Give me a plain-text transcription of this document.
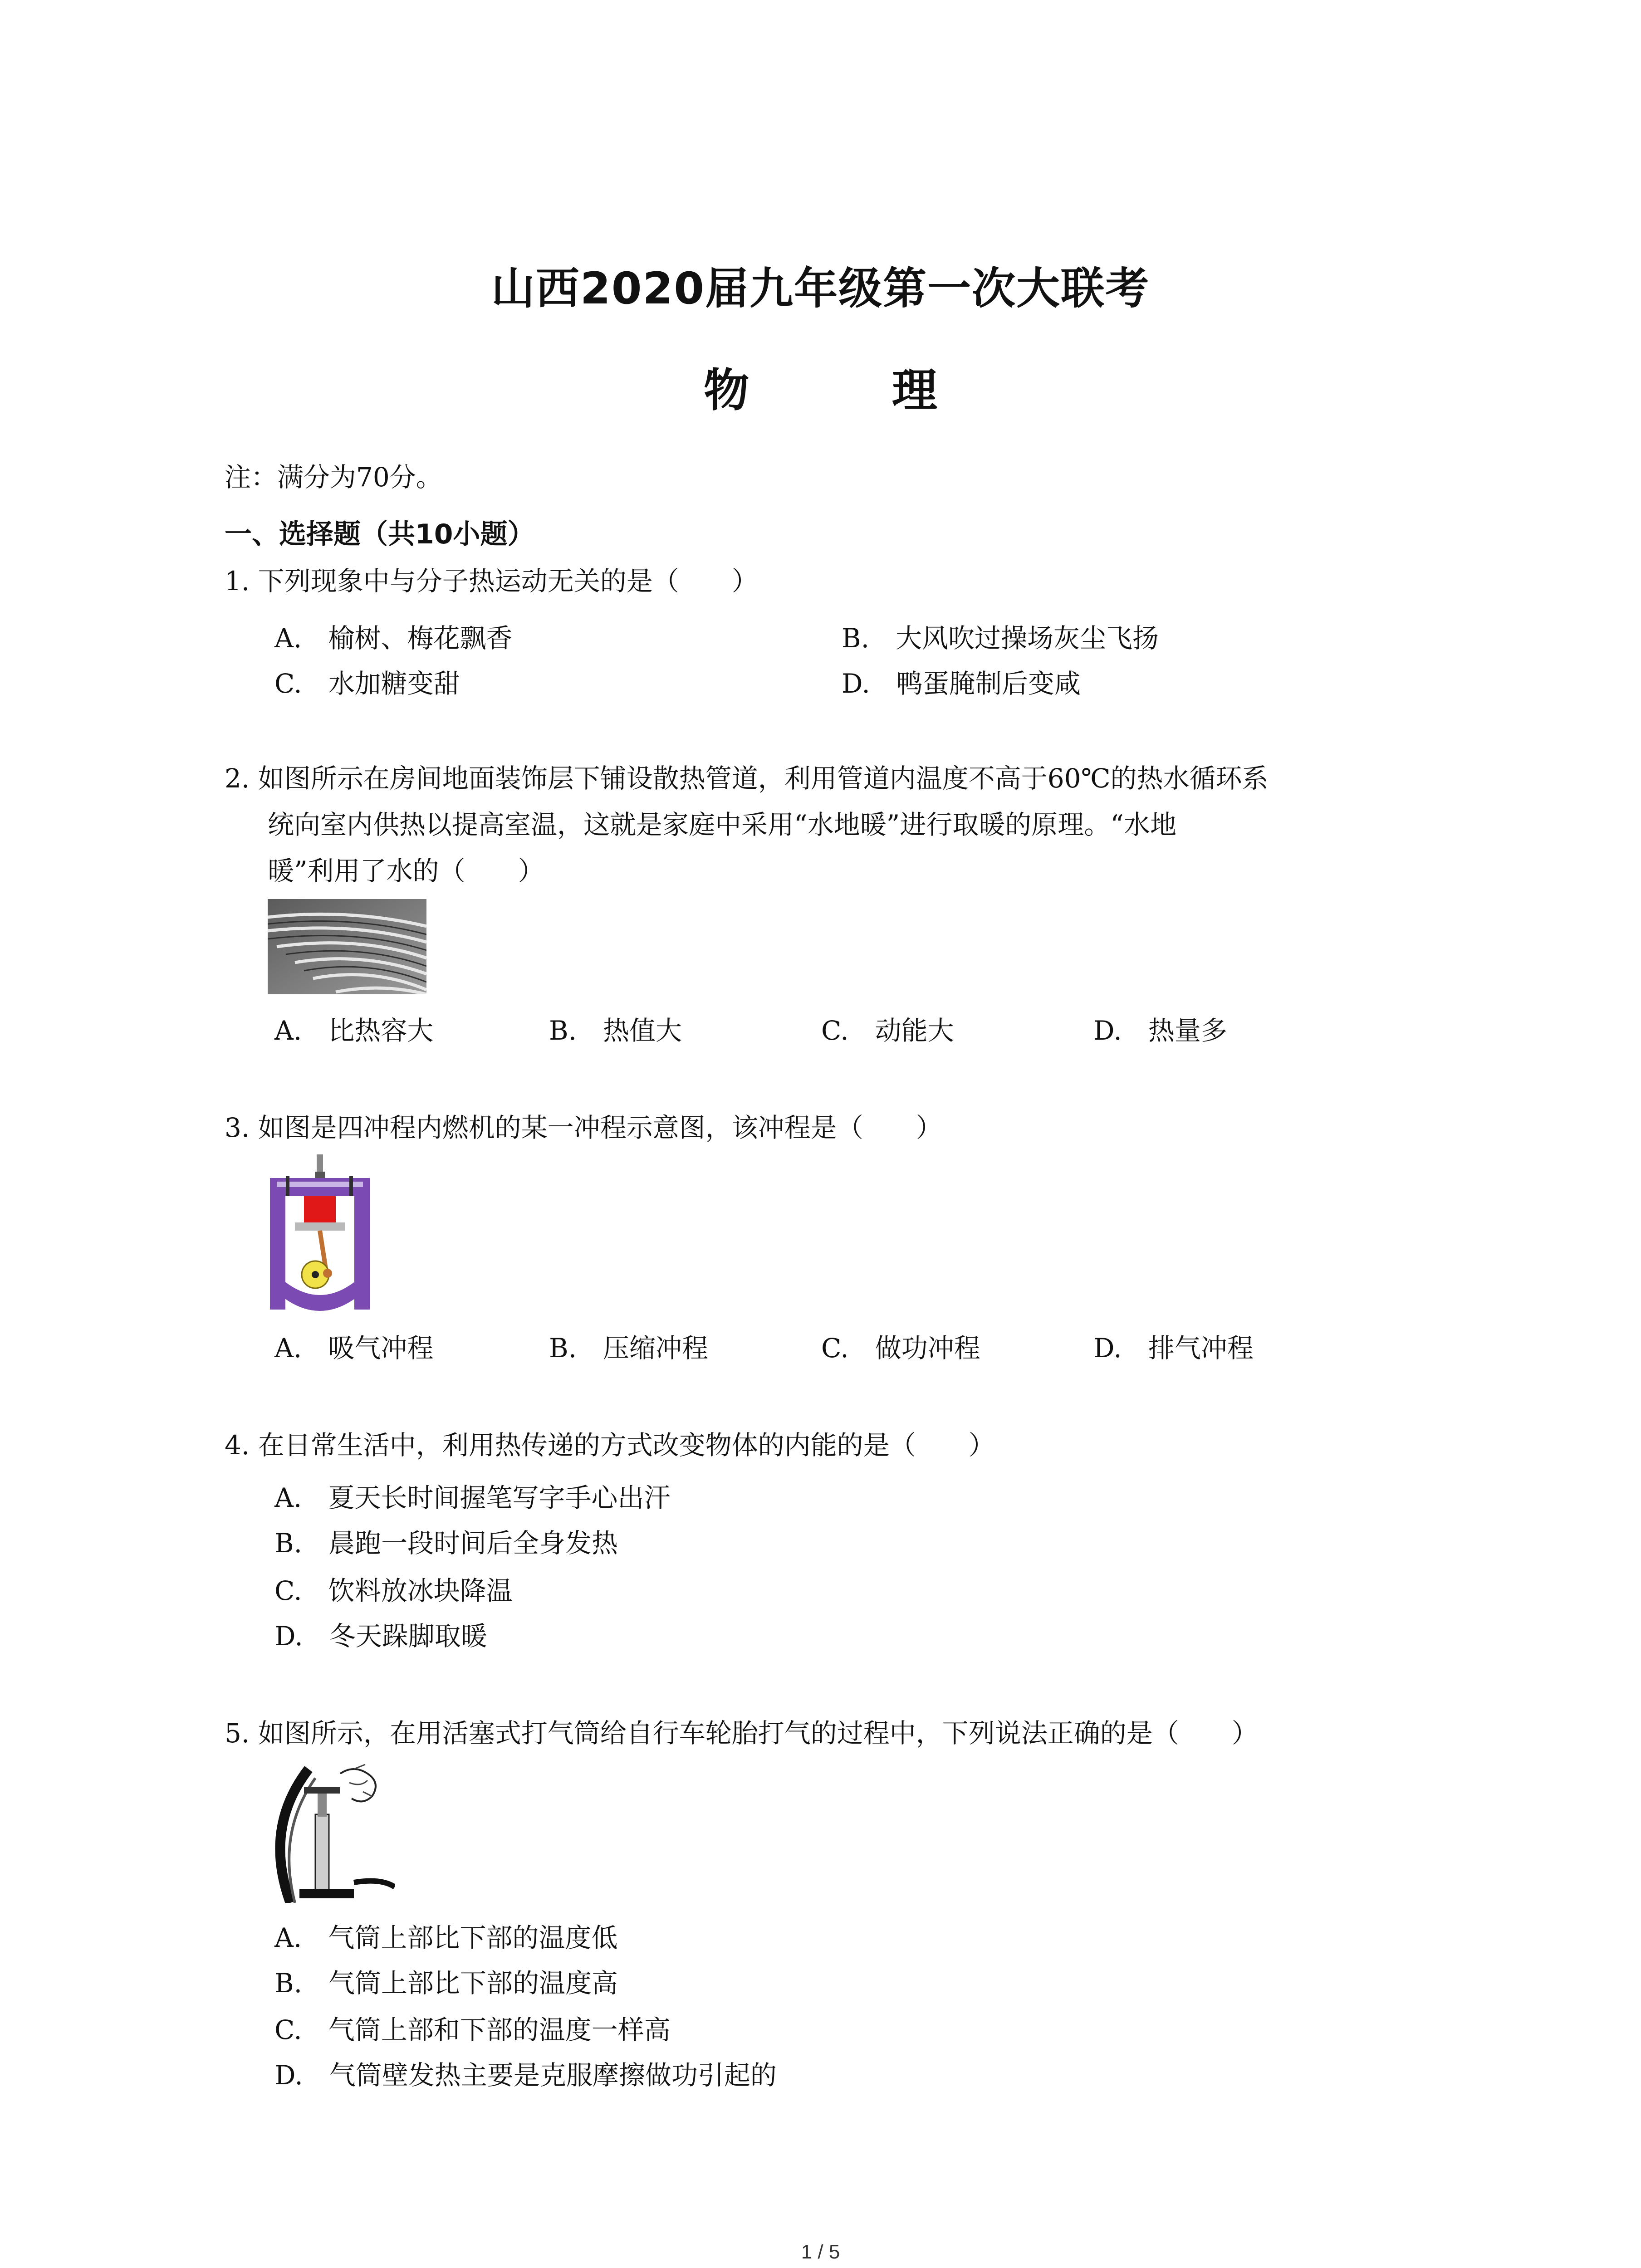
山西2020届九年级第一次大联考
物 理
注：满分为70分。
一、选择题（共10小题）
1. 下列现象中与分子热运动无关的是（　　）
A.　榆树、梅花飘香	B.　大风吹过操场灰尘飞扬
C.　水加糖变甜	D.　鸭蛋腌制后变咸
2. 如图所示在房间地面装饰层下铺设散热管道，利用管道内温度不高于60℃的热水循环系
统向室内供热以提高室温，这就是家庭中采用“水地暖”进行取暖的原理。“水地
暖”利用了水的（　　）
A.　比热容大	B.　热值大	C.　动能大	D.　热量多
3. 如图是四冲程内燃机的某一冲程示意图，该冲程是（　　）
A.　吸气冲程	B.　压缩冲程	C.　做功冲程	D.　排气冲程
4. 在日常生活中，利用热传递的方式改变物体的内能的是（　　）
A.　夏天长时间握笔写字手心出汗
B.　晨跑一段时间后全身发热
C.　饮料放冰块降温
D.　冬天跺脚取暖
5. 如图所示，在用活塞式打气筒给自行车轮胎打气的过程中，下列说法正确的是（　　）
A.　气筒上部比下部的温度低
B.　气筒上部比下部的温度高
C.　气筒上部和下部的温度一样高
D.　气筒壁发热主要是克服摩擦做功引起的
1 / 5
